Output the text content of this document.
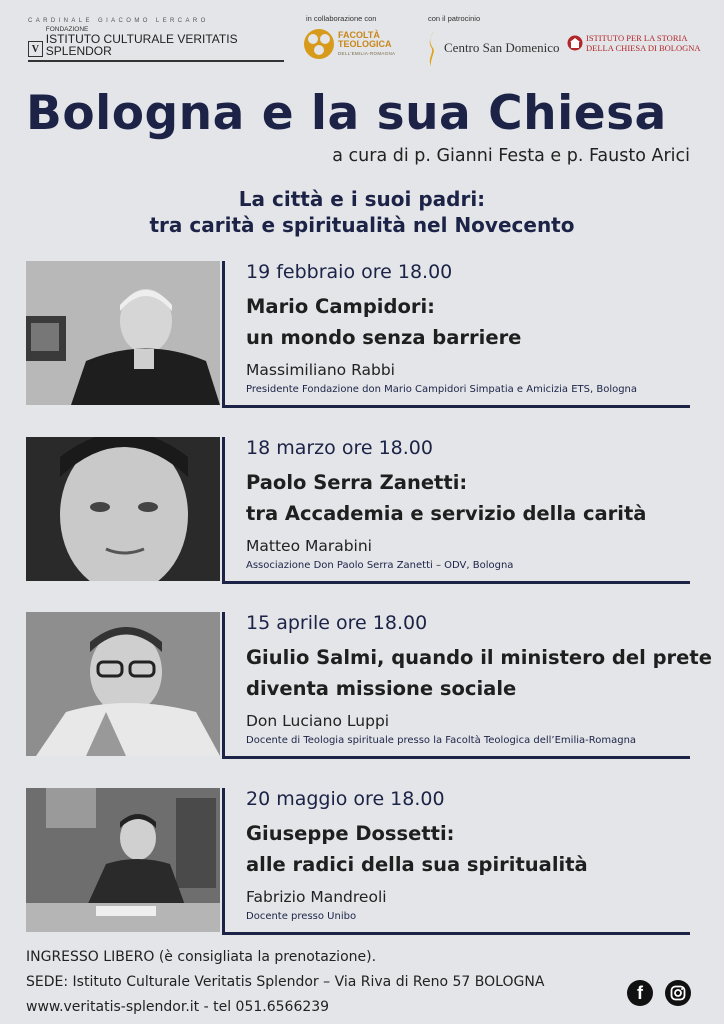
CARDINALE GIACOMO LERCARO
V
FONDAZIONE
ISTITUTO CULTURALE VERITATIS SPLENDOR
in collaborazione con
FACOLTÀ
TEOLOGICA
DELL'EMILIA-ROMAGNA
con il patrocinio
Centro San Domenico
ISTITUTO PER LA STORIA
DELLA CHIESA DI BOLOGNA
Bologna e la sua Chiesa
a cura di p. Gianni Festa e p. Fausto Arici
La città e i suoi padri:
tra carità e spiritualità nel Novecento
19 febbraio ore 18.00
Mario Campidori:
un mondo senza barriere
Massimiliano Rabbi
Presidente Fondazione don Mario Campidori Simpatia e Amicizia ETS, Bologna
18 marzo ore 18.00
Paolo Serra Zanetti:
tra Accademia e servizio della carità
Matteo Marabini
Associazione Don Paolo Serra Zanetti – ODV, Bologna
15 aprile ore 18.00
Giulio Salmi, quando il ministero del prete
diventa missione sociale
Don Luciano Luppi
Docente di Teologia spirituale presso la Facoltà Teologica dell’Emilia-Romagna
20 maggio ore 18.00
Giuseppe Dossetti:
alle radici della sua spiritualità
Fabrizio Mandreoli
Docente presso Unibo
INGRESSO LIBERO (è consigliata la prenotazione).
SEDE: Istituto Culturale Veritatis Splendor – Via Riva di Reno 57 BOLOGNA
www.veritatis-splendor.it - tel 051.6566239
f
